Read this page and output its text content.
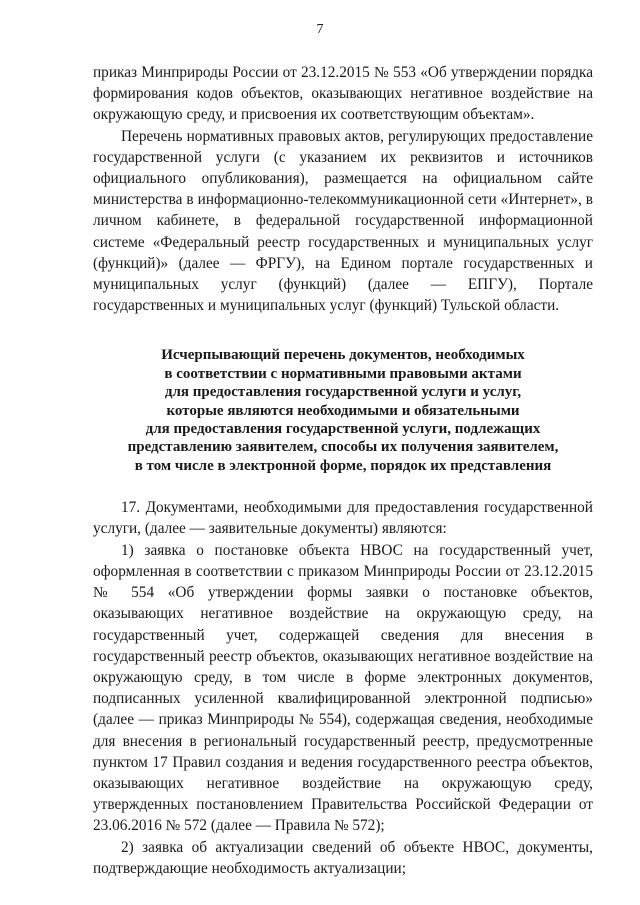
7

приказ Минприроды России от 23.12.2015 № 553 «Об утверждении порядка формирования кодов объектов, оказывающих негативное воздействие на окружающую среду, и присвоения их соответствующим объектам».

Перечень нормативных правовых актов, регулирующих предоставление государственной услуги (с указанием их реквизитов и источников официального опубликования), размещается на официальном сайте министерства в информационно-телекоммуникационной сети «Интернет», в личном кабинете, в федеральной государственной информационной системе «Федеральный реестр государственных и муниципальных услуг (функций)» (далее — ФРГУ), на Едином портале государственных и муниципальных услуг (функций) (далее — ЕПГУ), Портале государственных и муниципальных услуг (функций) Тульской области.

Исчерпывающий перечень документов, необходимых
в соответствии с нормативными правовыми актами
для предоставления государственной услуги и услуг,
которые являются необходимыми и обязательными
для предоставления государственной услуги, подлежащих
представлению заявителем, способы их получения заявителем,
в том числе в электронной форме, порядок их представления

17. Документами, необходимыми для предоставления государственной услуги, (далее — заявительные документы) являются:

1) заявка о постановке объекта НВОС на государственный учет, оформленная в соответствии с приказом Минприроды России от 23.12.2015 № 554 «Об утверждении формы заявки о постановке объектов, оказывающих негативное воздействие на окружающую среду, на государственный учет, содержащей сведения для внесения в государственный реестр объектов, оказывающих негативное воздействие на окружающую среду, в том числе в форме электронных документов, подписанных усиленной квалифицированной электронной подписью» (далее — приказ Минприроды № 554), содержащая сведения, необходимые для внесения в региональный государственный реестр, предусмотренные пунктом 17 Правил создания и ведения государственного реестра объектов, оказывающих негативное воздействие на окружающую среду, утвержденных постановлением Правительства Российской Федерации от 23.06.2016 № 572 (далее — Правила № 572);

2) заявка об актуализации сведений об объекте НВОС, документы, подтверждающие необходимость актуализации;
